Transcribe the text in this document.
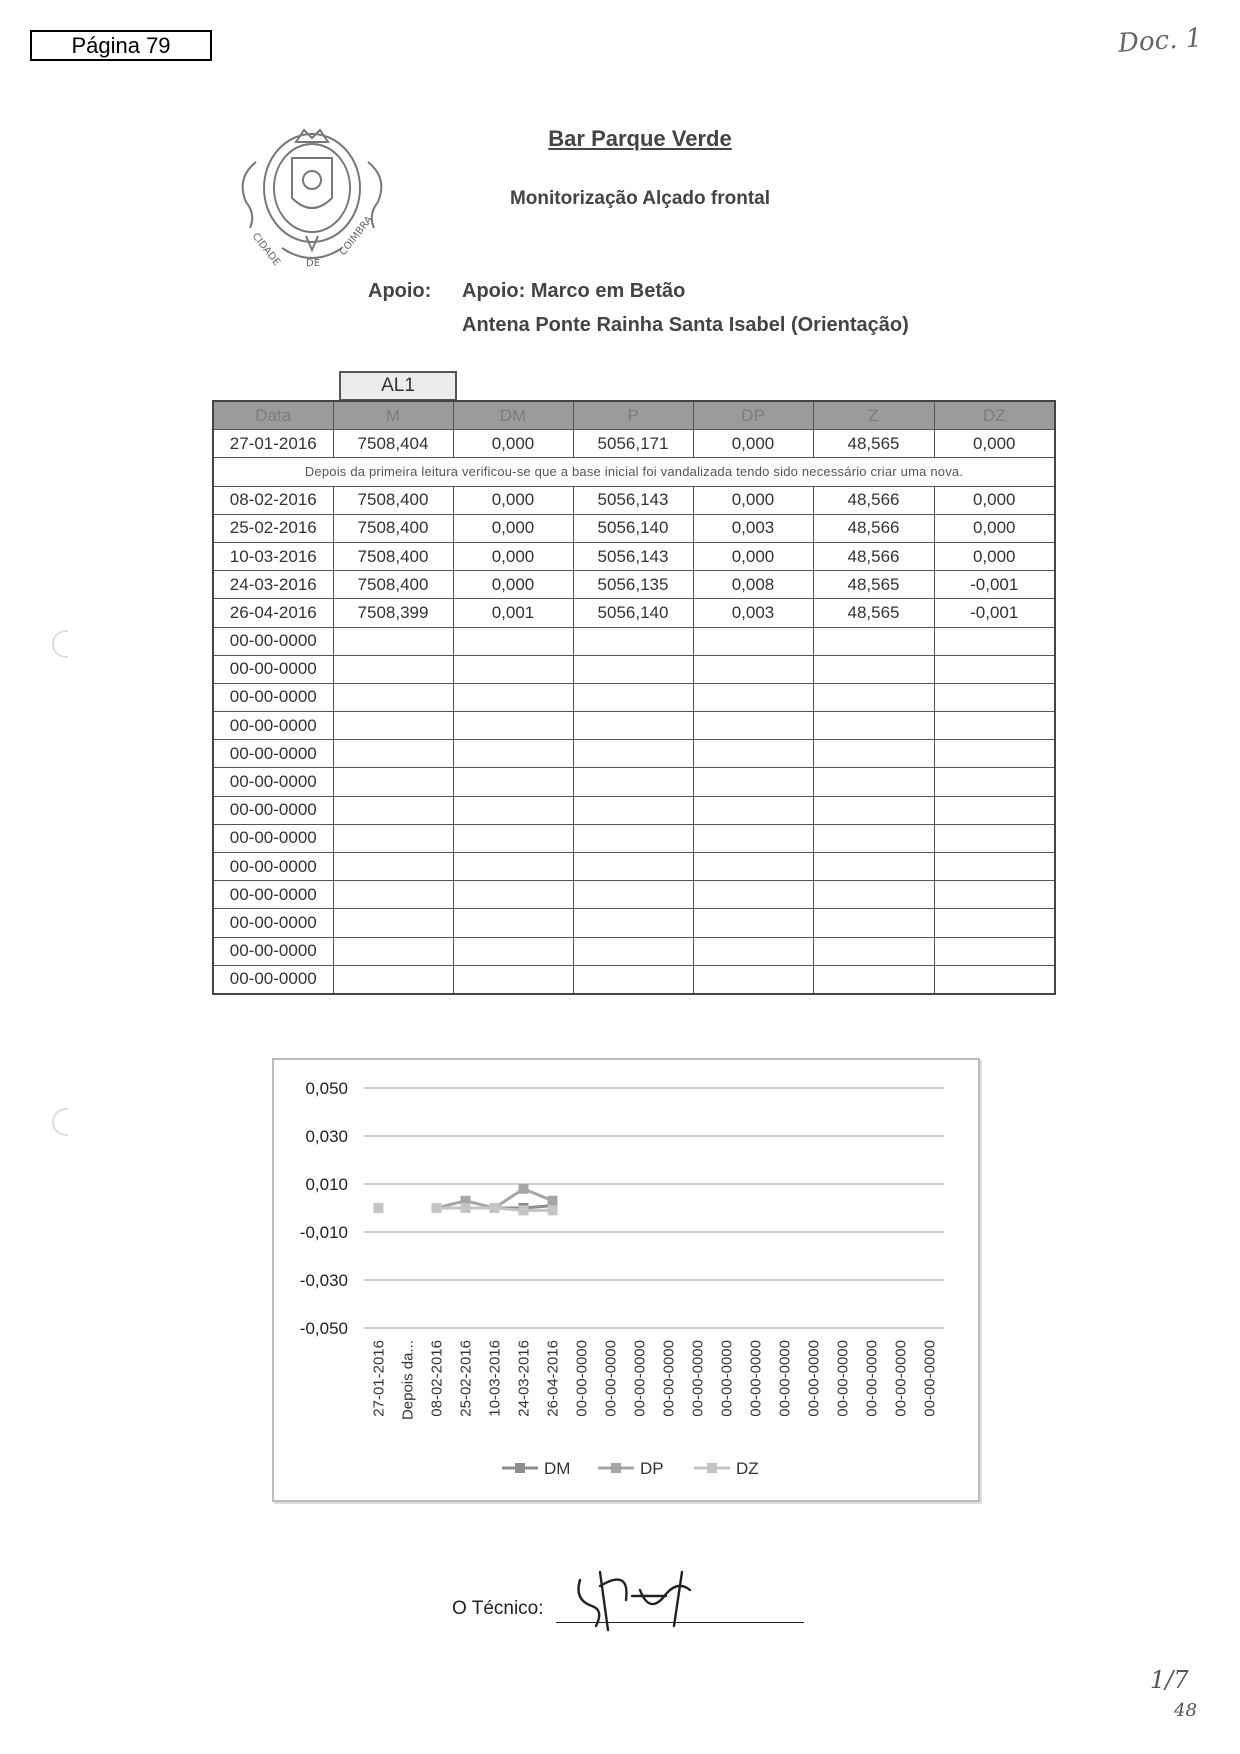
Página 79	Doc. 1
CIDADE DE
COIMBRA
Bar Parque Verde
Monitorização Alçado frontal
Apoio: Apoio: Marco em Betão
Antena Ponte Rainha Santa Isabel (Orientação)
AL1
Data	M	DM	P	DP	Z	DZ
27-01-2016	7508,404	0,000	5056,171	0,000	48,565	0,000
Depois da primeira leitura verificou-se que a base inicial foi vandalizada tendo sido necessário criar uma nova.						
08-02-2016	7508,400	0,000	5056,143	0,000	48,566	0,000
25-02-2016	7508,400	0,000	5056,140	0,003	48,566	0,000
10-03-2016	7508,400	0,000	5056,143	0,000	48,566	0,000
24-03-2016	7508,400	0,000	5056,135	0,008	48,565	-0,001
26-04-2016	7508,399	0,001	5056,140	0,003	48,565	-0,001
00-00-0000						
00-00-0000						
00-00-0000						
00-00-0000						
00-00-0000						
00-00-0000						
00-00-0000						
00-00-0000						
00-00-0000						
00-00-0000						
00-00-0000						
00-00-0000						
00-00-0000						
0,050
0,030
0,010
-0,010
-0,030
-0,050
27-01-2016 Depois da... 08-02-2016 25-02-2016 10-03-2016 24-03-2016 26-04-2016 00-00-0000 00-00-0000 00-00-0000 00-00-0000 00-00-0000 00-00-0000 00-00-0000 00-00-0000 00-00-0000 00-00-0000 00-00-0000 00-00-0000 00-00-0000
DM	DP	DZ
O Técnico:
1/7
48
